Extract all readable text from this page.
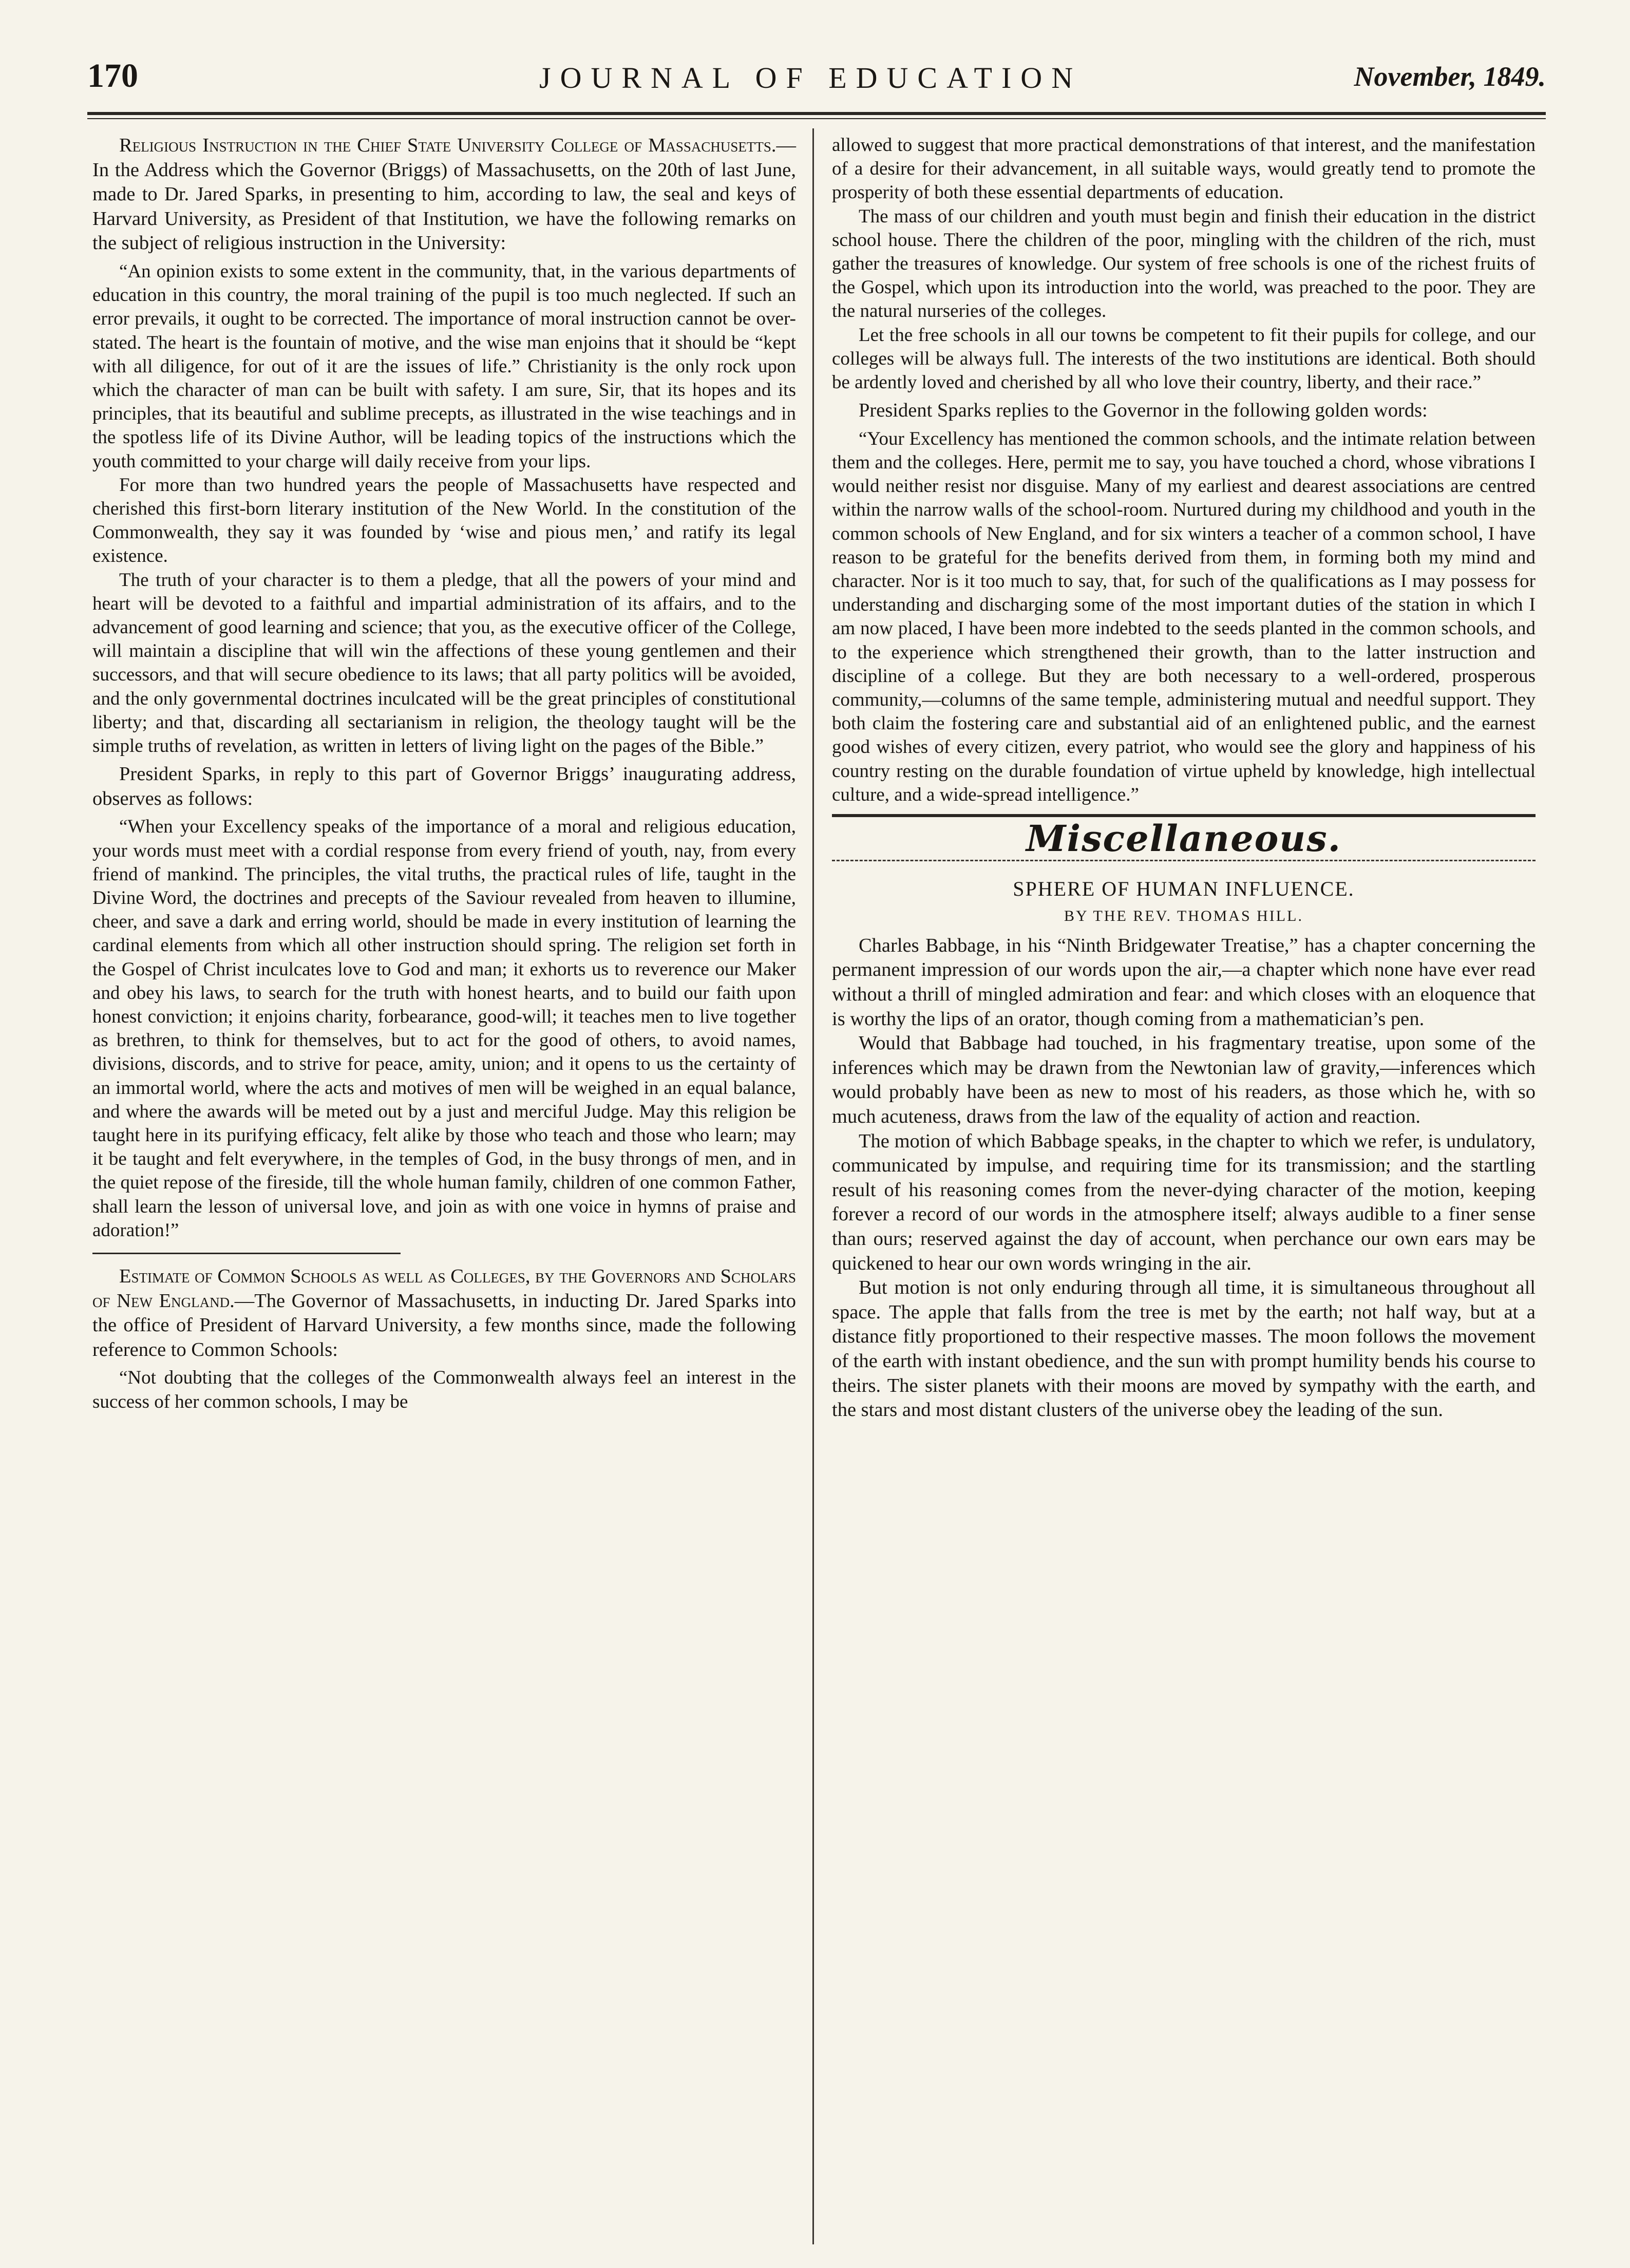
170	JOURNAL OF EDUCATION	November, 1849.

Religious Instruction in the Chief State University College of Massachusetts.—In the Address which the Governor (Briggs) of Massachusetts, on the 20th of last June, made to Dr. Jared Sparks, in presenting to him, according to law, the seal and keys of Harvard University, as President of that Institution, we have the following remarks on the subject of religious instruction in the University:

“An opinion exists to some extent in the community, that, in the various departments of education in this country, the moral training of the pupil is too much neglected. If such an error prevails, it ought to be corrected. The importance of moral instruction cannot be over-stated. The heart is the fountain of motive, and the wise man enjoins that it should be “kept with all diligence, for out of it are the issues of life.” Christianity is the only rock upon which the character of man can be built with safety. I am sure, Sir, that its hopes and its principles, that its beautiful and sublime precepts, as illustrated in the wise teachings and in the spotless life of its Divine Author, will be leading topics of the instructions which the youth committed to your charge will daily receive from your lips.

For more than two hundred years the people of Massachusetts have respected and cherished this first-born literary institution of the New World. In the constitution of the Commonwealth, they say it was founded by ‘wise and pious men,’ and ratify its legal existence.

The truth of your character is to them a pledge, that all the powers of your mind and heart will be devoted to a faithful and impartial administration of its affairs, and to the advancement of good learning and science; that you, as the executive officer of the College, will maintain a discipline that will win the affections of these young gentlemen and their successors, and that will secure obedience to its laws; that all party politics will be avoided, and the only governmental doctrines inculcated will be the great principles of constitutional liberty; and that, discarding all sectarianism in religion, the theology taught will be the simple truths of revelation, as written in letters of living light on the pages of the Bible.”

President Sparks, in reply to this part of Governor Briggs’ inaugurating address, observes as follows:

“When your Excellency speaks of the importance of a moral and religious education, your words must meet with a cordial response from every friend of youth, nay, from every friend of mankind. The principles, the vital truths, the practical rules of life, taught in the Divine Word, the doctrines and precepts of the Saviour revealed from heaven to illumine, cheer, and save a dark and erring world, should be made in every institution of learning the cardinal elements from which all other instruction should spring. The religion set forth in the Gospel of Christ inculcates love to God and man; it exhorts us to reverence our Maker and obey his laws, to search for the truth with honest hearts, and to build our faith upon honest conviction; it enjoins charity, forbearance, good-will; it teaches men to live together as brethren, to think for themselves, but to act for the good of others, to avoid names, divisions, discords, and to strive for peace, amity, union; and it opens to us the certainty of an immortal world, where the acts and motives of men will be weighed in an equal balance, and where the awards will be meted out by a just and merciful Judge. May this religion be taught here in its purifying efficacy, felt alike by those who teach and those who learn; may it be taught and felt everywhere, in the temples of God, in the busy throngs of men, and in the quiet repose of the fireside, till the whole human family, children of one common Father, shall learn the lesson of universal love, and join as with one voice in hymns of praise and adoration!”

Estimate of Common Schools as well as Colleges, by the Governors and Scholars of New England.—The Governor of Massachusetts, in inducting Dr. Jared Sparks into the office of President of Harvard University, a few months since, made the following reference to Common Schools:

“Not doubting that the colleges of the Commonwealth always feel an interest in the success of her common schools, I may be

allowed to suggest that more practical demonstrations of that interest, and the manifestation of a desire for their advancement, in all suitable ways, would greatly tend to promote the prosperity of both these essential departments of education.

The mass of our children and youth must begin and finish their education in the district school house. There the children of the poor, mingling with the children of the rich, must gather the treasures of knowledge. Our system of free schools is one of the richest fruits of the Gospel, which upon its introduction into the world, was preached to the poor. They are the natural nurseries of the colleges.

Let the free schools in all our towns be competent to fit their pupils for college, and our colleges will be always full. The interests of the two institutions are identical. Both should be ardently loved and cherished by all who love their country, liberty, and their race.”

President Sparks replies to the Governor in the following golden words:

“Your Excellency has mentioned the common schools, and the intimate relation between them and the colleges. Here, permit me to say, you have touched a chord, whose vibrations I would neither resist nor disguise. Many of my earliest and dearest associations are centred within the narrow walls of the school-room. Nurtured during my childhood and youth in the common schools of New England, and for six winters a teacher of a common school, I have reason to be grateful for the benefits derived from them, in forming both my mind and character. Nor is it too much to say, that, for such of the qualifications as I may possess for understanding and discharging some of the most important duties of the station in which I am now placed, I have been more indebted to the seeds planted in the common schools, and to the experience which strengthened their growth, than to the latter instruction and discipline of a college. But they are both necessary to a well-ordered, prosperous community,—columns of the same temple, administering mutual and needful support. They both claim the fostering care and substantial aid of an enlightened public, and the earnest good wishes of every citizen, every patriot, who would see the glory and happiness of his country resting on the durable foundation of virtue upheld by knowledge, high intellectual culture, and a wide-spread intelligence.”

Miscellaneous.
SPHERE OF HUMAN INFLUENCE.
BY THE REV. THOMAS HILL.

Charles Babbage, in his “Ninth Bridgewater Treatise,” has a chapter concerning the permanent impression of our words upon the air,—a chapter which none have ever read without a thrill of mingled admiration and fear: and which closes with an eloquence that is worthy the lips of an orator, though coming from a mathematician’s pen.

Would that Babbage had touched, in his fragmentary treatise, upon some of the inferences which may be drawn from the Newtonian law of gravity,—inferences which would probably have been as new to most of his readers, as those which he, with so much acuteness, draws from the law of the equality of action and reaction.

The motion of which Babbage speaks, in the chapter to which we refer, is undulatory, communicated by impulse, and requiring time for its transmission; and the startling result of his reasoning comes from the never-dying character of the motion, keeping forever a record of our words in the atmosphere itself; always audible to a finer sense than ours; reserved against the day of account, when perchance our own ears may be quickened to hear our own words wringing in the air.

But motion is not only enduring through all time, it is simultaneous throughout all space. The apple that falls from the tree is met by the earth; not half way, but at a distance fitly proportioned to their respective masses. The moon follows the movement of the earth with instant obedience, and the sun with prompt humility bends his course to theirs. The sister planets with their moons are moved by sympathy with the earth, and the stars and most distant clusters of the universe obey the leading of the sun.
